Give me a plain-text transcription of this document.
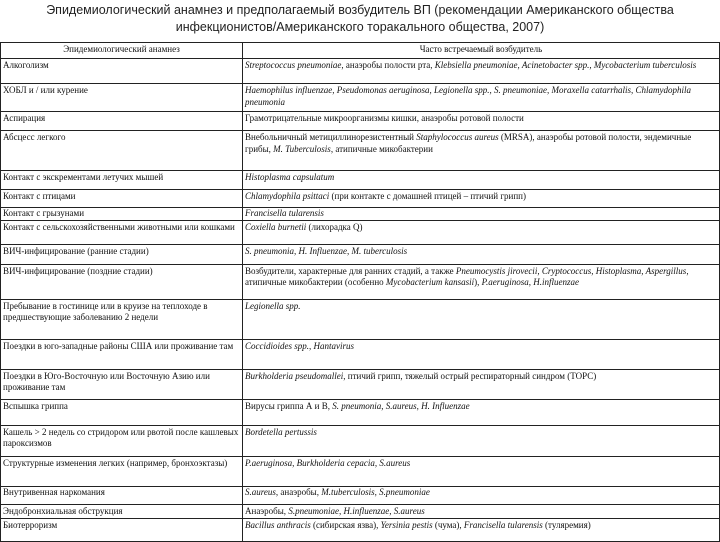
Эпидемиологический анамнез и предполагаемый возбудитель ВП (рекомендации Американского общества
инфекционистов/Американского торакального общества, 2007)
Эпидемиологический анамнез	Часто встречаемый возбудитель
Алкоголизм	Streptococcus pneumoniae, анаэробы полости рта, Klebsiella pneumoniae, Acinetobacter spp., Mycobacterium tuberculosis
ХОБЛ и / или курение	Haemophilus influenzae, Pseudomonas aeruginosa, Legionella spp., S. pneumoniae, Moraxella catarrhalis, Chlamydophila pneumonia
Аспирация	Грамотрицательные микроорганизмы кишки, анаэробы ротовой полости
Абсцесс легкого	Внебольничный метициллинорезистентный Staphylococcus aureus (MRSA), анаэробы ротовой полости, эндемичные грибы, M. Tuberculosis, атипичные микобактерии
Контакт с экскрементами летучих мышей	Histoplasma capsulatum
Контакт с птицами	Chlamydophila psittaci (при контакте с домашней птицей – птичий грипп)
Контакт с грызунами	Francisella tularensis
Контакт с сельскохозяйственными животными или кошками	Coxiella burnetii (лихорадка Q)
ВИЧ-инфицирование (ранние стадии)	S. pneumonia, H. Influenzae, M. tuberculosis
ВИЧ-инфицирование (поздние стадии)	Возбудители, характерные для ранних стадий, а также Pneumocystis jirovecii, Cryptococcus, Histoplasma, Aspergillus, атипичные микобактерии (особенно Mycobacterium kansasii), P.aeruginosa, H.influenzae
Пребывание в гостинице или в круизе на теплоходе в предшествующие заболеванию 2 недели	Legionella spp.
Поездки в юго-западные районы США или проживание там	Coccidioides spp., Hantavirus
Поездки в Юго-Восточную или Восточную Азию или проживание там	Burkholderia pseudomallei, птичий грипп, тяжелый острый респираторный синдром (ТОРС)
Вспышка гриппа	Вирусы гриппа А и В, S. pneumonia, S.aureus, H. Influenzae
Кашель > 2 недель со стридором или рвотой после кашлевых пароксизмов	Bordetella pertussis
Структурные изменения легких (например, бронхоэктазы)	P.aeruginosa, Burkholderia cepacia, S.aureus
Внутривенная наркомания	S.aureus, анаэробы, M.tuberculosis, S.pneumoniae
Эндобронхиальная обструкция	Анаэробы, S.pneumoniae, H.influenzae, S.aureus
Биотерроризм	Bacillus anthracis (сибирская язва), Yersinia pestis (чума), Francisella tularensis (туляремия)
